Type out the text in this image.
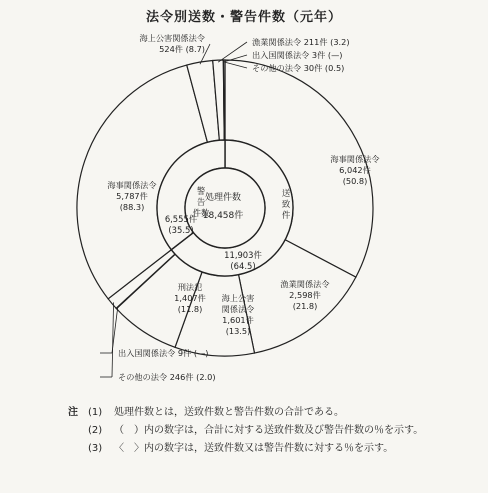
法令別送数・警告件数（元年）
海事関係法令 6,042件(50.8)
漁業関係法令 2,598件(21.8)
海上公害関係法令 1,601件(13.5)
刑法犯 1,407件(11.8)
海事関係法令 5,787件(88.3)
出入国関係法令 9件 (—)
その他の法令 246件 (2.0)
海上公害関係法令 524件 (8.7)
漁業関係法令 211件 (3.2)
出入国関係法令 3件 (—)
その他の法令 30件 (0.5)
送致件
警告件数
6,555件(35.5)
11,903件(64.5)
処理件数
18,458件
注	(1)	処理件数とは，送致件数と警告件数の合計である。
(2)	（　）内の数字は，合計に対する送致件数及び警告件数の％を示す。
(3)	〈　〉内の数字は，送致件数又は警告件数に対する％を示す。
